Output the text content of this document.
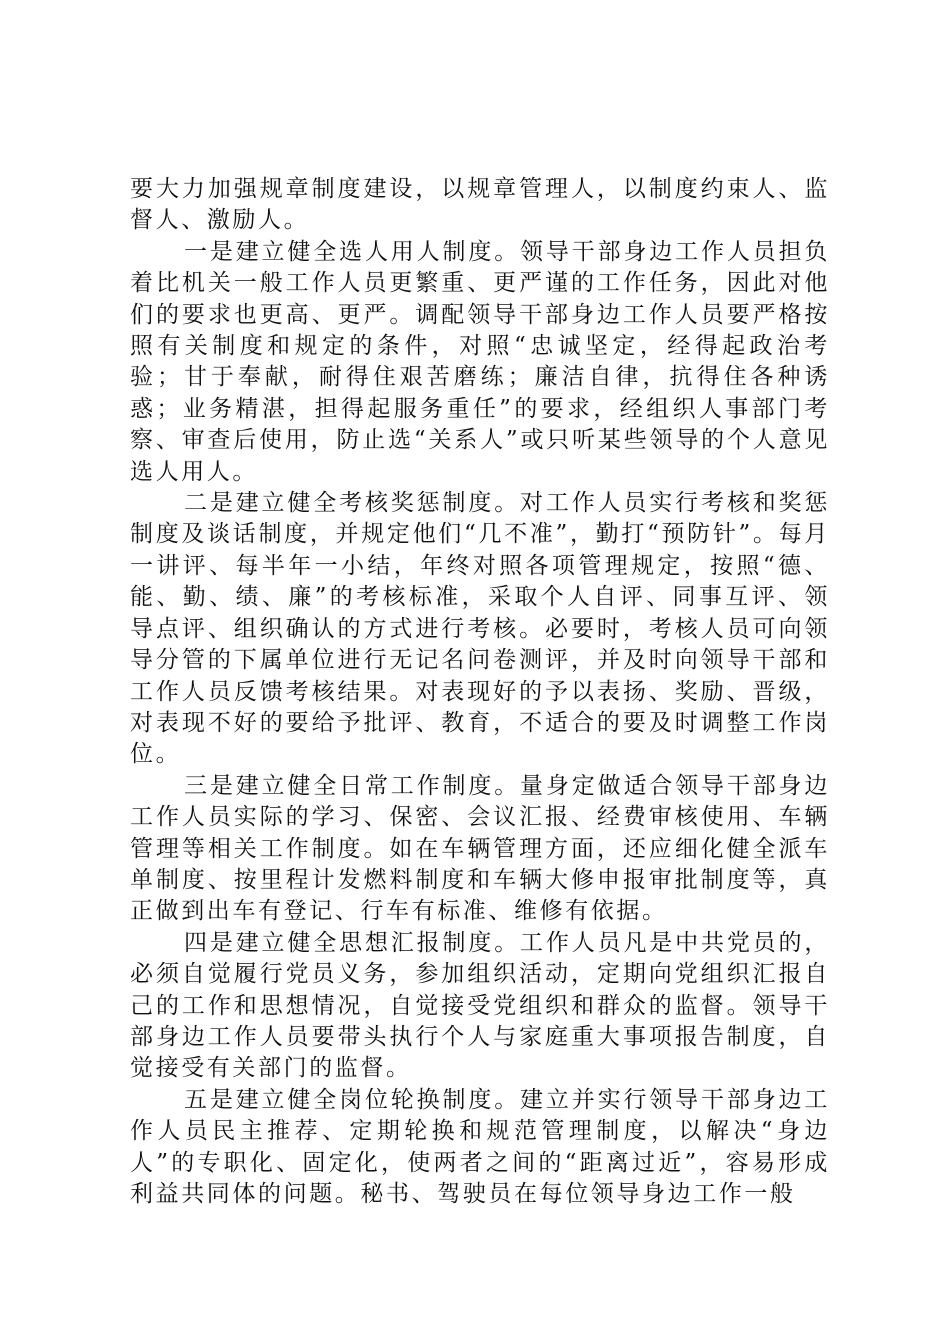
要大力加强规章制度建设，以规章管理人，以制度约束人、监督人、激励人。

一是建立健全选人用人制度。领导干部身边工作人员担负着比机关一般工作人员更繁重、更严谨的工作任务，因此对他们的要求也更高、更严。调配领导干部身边工作人员要严格按照有关制度和规定的条件，对照“忠诚坚定，经得起政治考验；甘于奉献，耐得住艰苦磨练；廉洁自律，抗得住各种诱惑；业务精湛，担得起服务重任”的要求，经组织人事部门考察、审查后使用，防止选“关系人”或只听某些领导的个人意见选人用人。

二是建立健全考核奖惩制度。对工作人员实行考核和奖惩制度及谈话制度，并规定他们“几不准”，勤打“预防针”。每月一讲评、每半年一小结，年终对照各项管理规定，按照“德、能、勤、绩、廉”的考核标准，采取个人自评、同事互评、领导点评、组织确认的方式进行考核。必要时，考核人员可向领导分管的下属单位进行无记名问卷测评，并及时向领导干部和工作人员反馈考核结果。对表现好的予以表扬、奖励、晋级，对表现不好的要给予批评、教育，不适合的要及时调整工作岗位。

三是建立健全日常工作制度。量身定做适合领导干部身边工作人员实际的学习、保密、会议汇报、经费审核使用、车辆管理等相关工作制度。如在车辆管理方面，还应细化健全派车单制度、按里程计发燃料制度和车辆大修申报审批制度等，真正做到出车有登记、行车有标准、维修有依据。

四是建立健全思想汇报制度。工作人员凡是中共党员的，必须自觉履行党员义务，参加组织活动，定期向党组织汇报自己的工作和思想情况，自觉接受党组织和群众的监督。领导干部身边工作人员要带头执行个人与家庭重大事项报告制度，自觉接受有关部门的监督。

五是建立健全岗位轮换制度。建立并实行领导干部身边工作人员民主推荐、定期轮换和规范管理制度，以解决“身边人”的专职化、固定化，使两者之间的“距离过近”，容易形成利益共同体的问题。秘书、驾驶员在每位领导身边工作一般
